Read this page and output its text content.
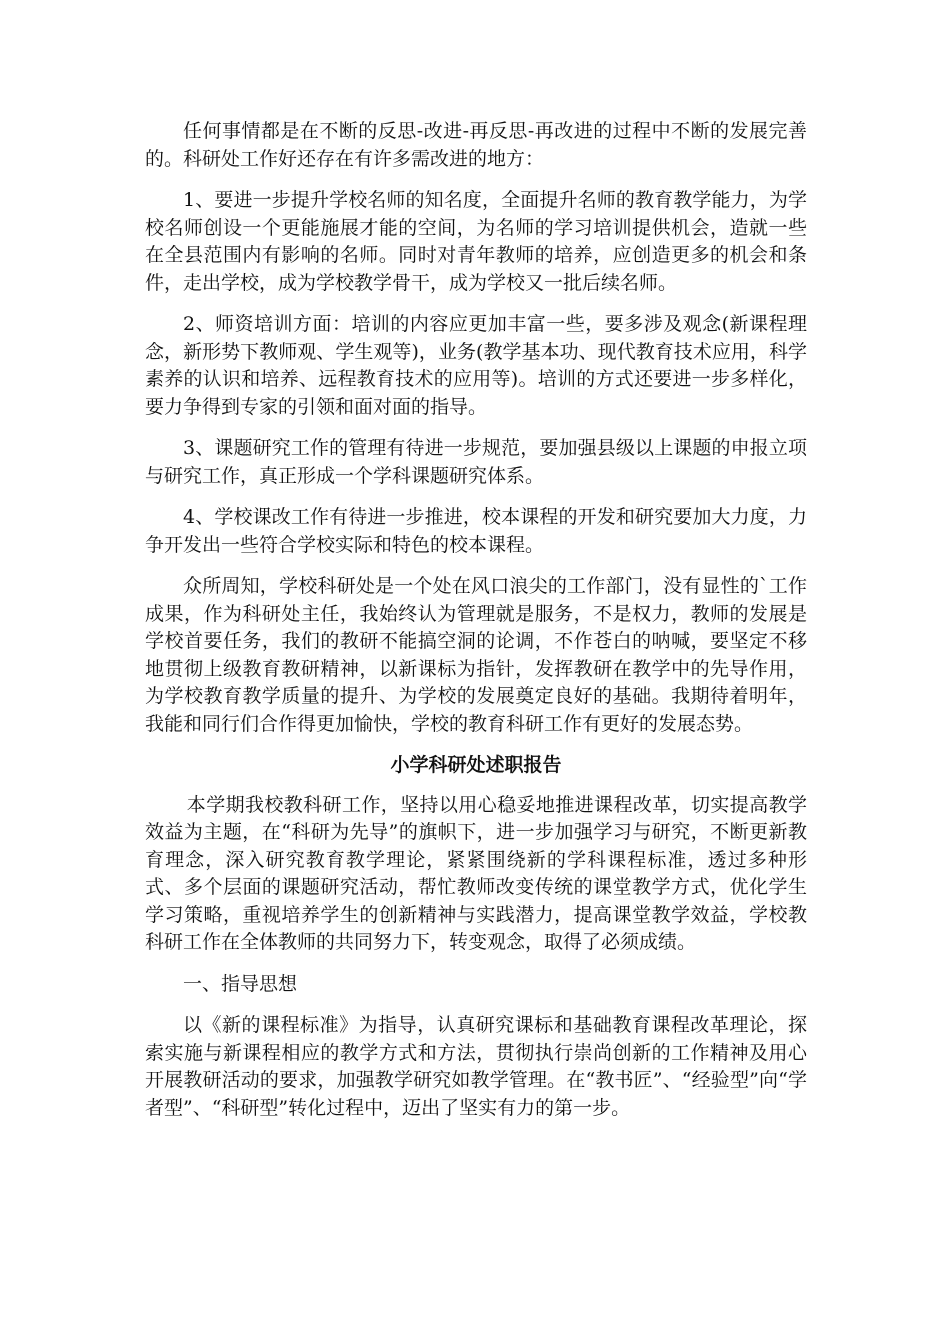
任何事情都是在不断的反思-改进-再反思-再改进的过程中不断的发展完善的。科研处工作好还存在有许多需改进的地方：

1、要进一步提升学校名师的知名度，全面提升名师的教育教学能力，为学校名师创设一个更能施展才能的空间，为名师的学习培训提供机会，造就一些在全县范围内有影响的名师。同时对青年教师的培养，应创造更多的机会和条件，走出学校，成为学校教学骨干，成为学校又一批后续名师。

2、师资培训方面：培训的内容应更加丰富一些，要多涉及观念(新课程理念，新形势下教师观、学生观等)，业务(教学基本功、现代教育技术应用，科学素养的认识和培养、远程教育技术的应用等)。培训的方式还要进一步多样化，要力争得到专家的引领和面对面的指导。

3、课题研究工作的管理有待进一步规范，要加强县级以上课题的申报立项与研究工作，真正形成一个学科课题研究体系。

4、学校课改工作有待进一步推进，校本课程的开发和研究要加大力度，力争开发出一些符合学校实际和特色的校本课程。

众所周知，学校科研处是一个处在风口浪尖的工作部门，没有显性的`工作成果，作为科研处主任，我始终认为管理就是服务，不是权力，教师的发展是学校首要任务，我们的教研不能搞空洞的论调，不作苍白的呐喊，要坚定不移地贯彻上级教育教研精神，以新课标为指针，发挥教研在教学中的先导作用，为学校教育教学质量的提升、为学校的发展奠定良好的基础。我期待着明年，我能和同行们合作得更加愉快，学校的教育科研工作有更好的发展态势。

小学科研处述职报告

本学期我校教科研工作，坚持以用心稳妥地推进课程改革，切实提高教学效益为主题，在“科研为先导”的旗帜下，进一步加强学习与研究，不断更新教育理念，深入研究教育教学理论，紧紧围绕新的学科课程标准，透过多种形式、多个层面的课题研究活动，帮忙教师改变传统的课堂教学方式，优化学生学习策略，重视培养学生的创新精神与实践潜力，提高课堂教学效益，学校教科研工作在全体教师的共同努力下，转变观念，取得了必须成绩。

一、指导思想

以《新的课程标准》为指导，认真研究课标和基础教育课程改革理论，探索实施与新课程相应的教学方式和方法，贯彻执行崇尚创新的工作精神及用心开展教研活动的要求，加强教学研究如教学管理。在“教书匠”、“经验型”向“学者型”、“科研型”转化过程中，迈出了坚实有力的第一步。
